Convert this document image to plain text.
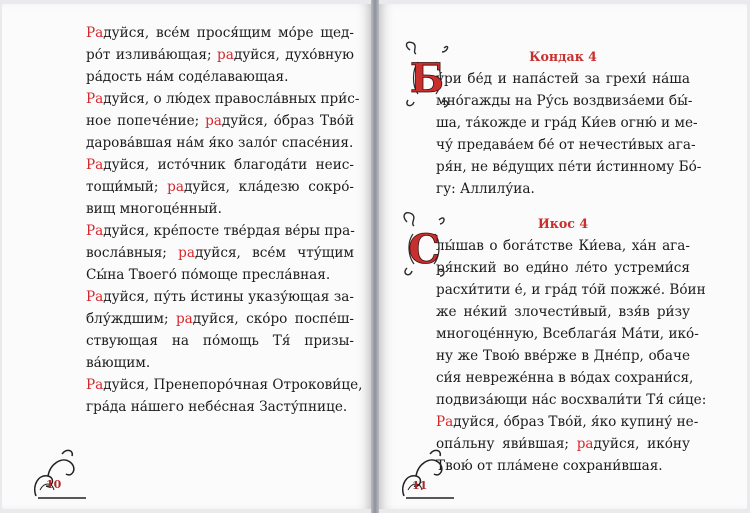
Радуйся, все́м прося́щим мо́ре щед-
ро́т излива́ющая; радуйся, духо́вную
ра́дость на́м соде́лавающая.
Радуйся, о лю́дех правосла́вных при́с-
ное попече́ние; радуйся, о́браз Тво́й
дарова́вшая на́м я́ко зало́г спасе́ния.
Радуйся, исто́чник благода́ти неис-
тощи́мый; радуйся, кла́дезю сокро́-
вищ многоце́нный.
Радуйся, кре́посте тве́рдая ве́ры пра-
восла́вныя; радуйся, все́м чту́щим
Сы́на Твоего́ по́моще пресла́вная.
Радуйся, пу́ть и́стины указу́ющая за-
блу́ждшим; радуйся, ско́ро поспе́ш-
ствующая на по́мощь Тя́ призы-
ва́ющим.
Радуйся, Пренепоро́чная Отрокови́це,
гра́да на́шего небе́сная Засту́пнице.
Кондак 4
у́ри бе́д и напа́стей за грехи́ на́ша
мно́гажды на Ру́сь воздвиза́еми бы́-
ша, та́кожде и гра́д Ки́ев огню́ и ме-
чу́ предава́ем бе́ от нечести́вых ага-
ря́н, не ве́дущих пе́ти и́стинному Бо́-
гу: Аллилу́иа.
Икос 4
лы́шав о бога́тстве Ки́ева, ха́н ага-
ря́нский во еди́но ле́то устреми́ся
расхи́тити е́, и гра́д то́й пожже́. Во́ин
же не́кий злочести́вый, взя́в ри́зу
многоце́нную, Всеблага́я Ма́ти, ико́-
ну же Твою́ вве́рже в Дне́пр, обаче
си́я невреже́нна в во́дах сохрани́ся,
подвиза́ющи на́с восхвали́ти Тя́ си́це:
Радуйся, о́браз Тво́й, я́ко купину́ не-
опа́льну яви́вшая; радуйся, ико́ну
Твою́ от пла́мене сохрани́вшая.
Б
С
10	11
